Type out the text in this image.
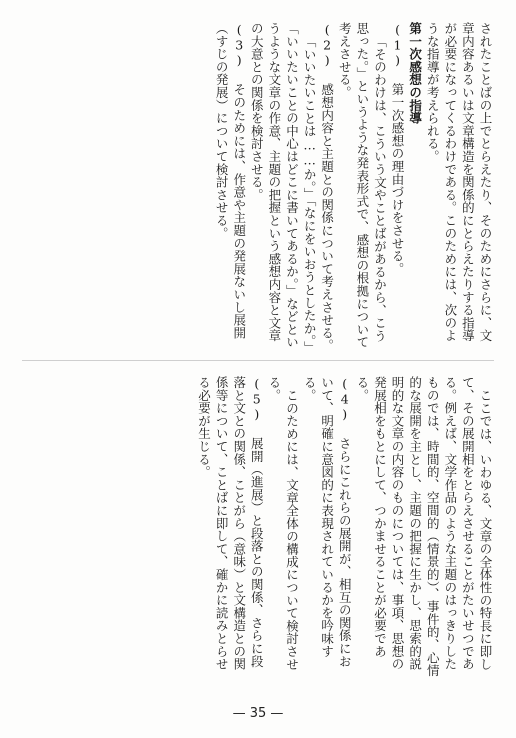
されたことばの上でとらえたり、そのためにさらに、文章内容あるいは文章構造を関係的にとらえたりする指導が必要になってくるわけである。このためには、次のような指導が考えられる。

第一次感想の指導

(1) 第一次感想の理由づけをさせる。

「そのわけは、こういう文やことばがあるから、こう思った。」というような発表形式で、感想の根拠について考えさせる。

(2) 感想内容と主題との関係について考えさせる。

「いいたいことは……か。」「なにをいおうとしたか。」「いいたいことの中心はどこに書いてあるか。」などというような文章の作意、主題の把握という感想内容と文章の大意との関係を検討させる。

(3) そのためには、作意や主題の発展ないし展開（すじの発展）について検討させる。

ここでは、いわゆる、文章の全体性の特長に即して、その展開相をとらえさせることがたいせつである。例えば、文学作品のような主題のはっきりしたものでは、時間的、空間的（情景的）、事件的、心情的な展開を主とし、主題の把握に生かし、思索的説明的な文章の内容のものについては、事項、思想の発展相をもとにして、つかませることが必要である。

(4) さらにこれらの展開が、相互の関係において、明確に意図的に表現されているかを吟味する。

このためには、文章全体の構成について検討させる。

(5) 展開（進展）と段落との関係、さらに段落と文との関係、ことがら（意味）と文構造との関係等について、ことばに即して、確かに読みとらせる必要が生じる。

— 35 —
